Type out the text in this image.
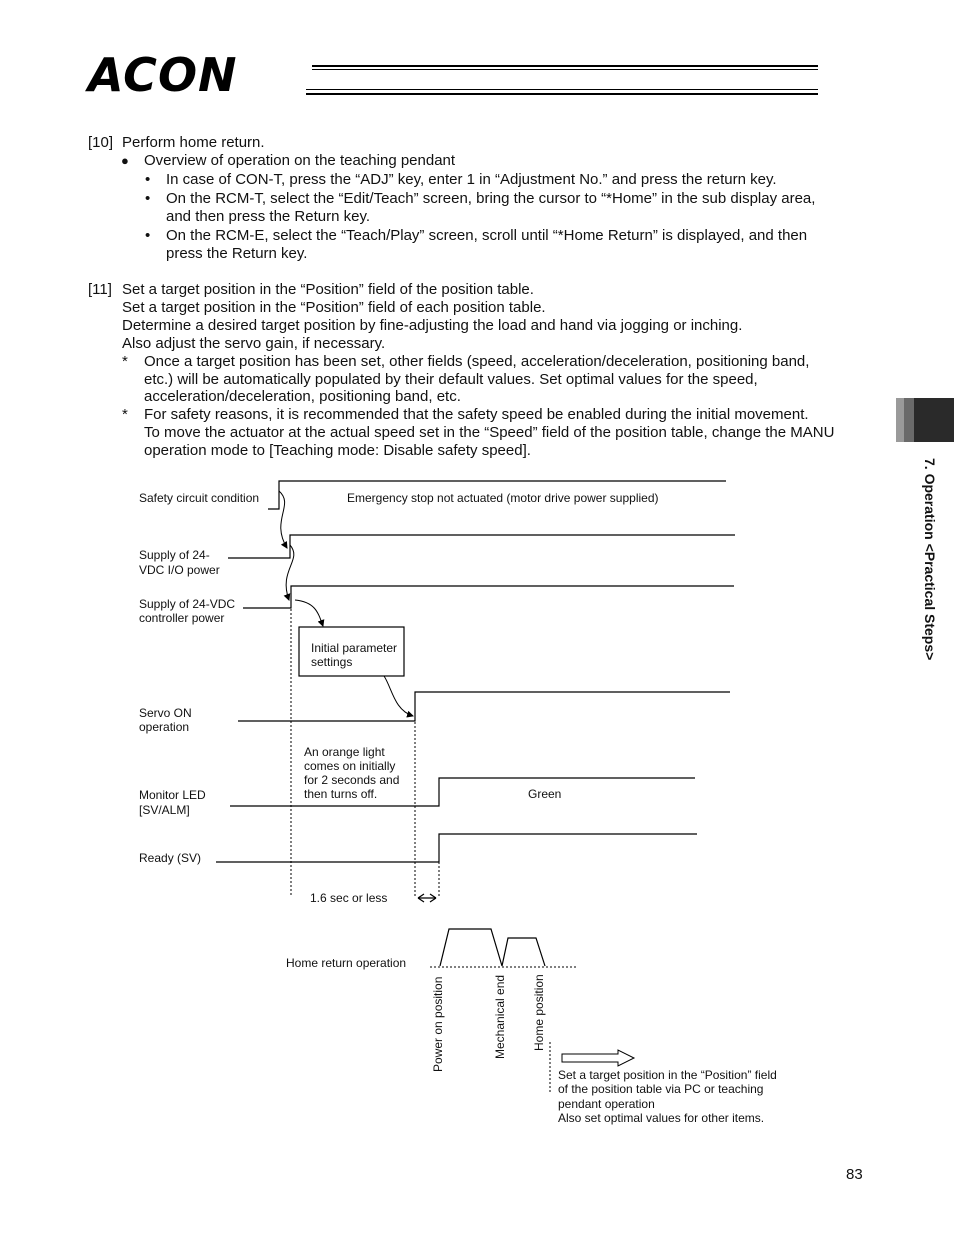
ACON
7. Operation <Practical Steps>
[10] Perform home return.
● Overview of operation on the teaching pendant
• In case of CON-T, press the “ADJ” key, enter 1 in “Adjustment No.” and press the return key.
• On the RCM-T, select the “Edit/Teach” screen, bring the cursor to “*Home” in the sub display area,
and then press the Return key.
• On the RCM-E, select the “Teach/Play” screen, scroll until “*Home Return” is displayed, and then
press the Return key.
[11] Set a target position in the “Position” field of the position table.
Set a target position in the “Position” field of each position table.
Determine a desired target position by fine-adjusting the load and hand via jogging or inching.
Also adjust the servo gain, if necessary.
* Once a target position has been set, other fields (speed, acceleration/deceleration, positioning band,
etc.) will be automatically populated by their default values. Set optimal values for the speed,
acceleration/deceleration, positioning band, etc.
* For safety reasons, it is recommended that the safety speed be enabled during the initial movement.
To move the actuator at the actual speed set in the “Speed” field of the position table, change the MANU
operation mode to [Teaching mode: Disable safety speed].
Safety circuit condition	Emergency stop not actuated (motor drive power supplied)
Supply of 24-
VDC I/O power
Supply of 24-VDC
controller power
Initial parameter
settings
Servo ON
operation
An orange light
comes on initially
for 2 seconds and
then turns off.
Monitor LED
[SV/ALM]
Green
Ready (SV)
1.6 sec or less
Home return operation
Power on position	Mechanical end Home position
Set a target position in the “Position” field
of the position table via PC or teaching
pendant operation
Also set optimal values for other items.
83
